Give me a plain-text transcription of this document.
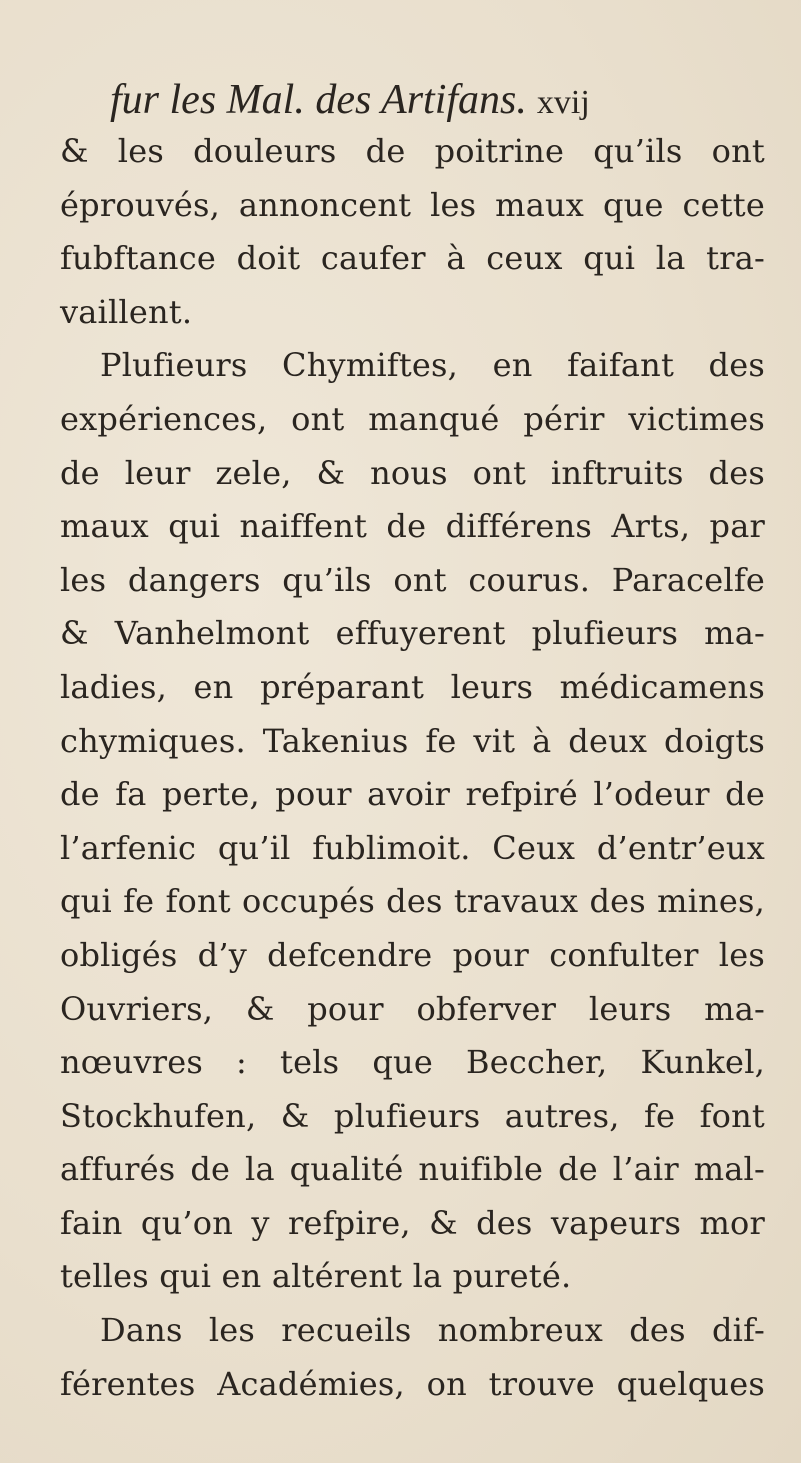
fur les Mal. des Artifans. xvij
& les douleurs de poitrine qu’ils ont
éprouvés, annoncent les maux que cette
fubftance doit caufer à ceux qui la tra-
vaillent.
Plufieurs Chymiftes, en faifant des
expériences, ont manqué périr victimes
de leur zele, & nous ont inftruits des
maux qui naiffent de différens Arts, par
les dangers qu’ils ont courus. Paracelfe
& Vanhelmont effuyerent plufieurs ma-
ladies, en préparant leurs médicamens
chymiques. Takenius fe vit à deux doigts
de fa perte, pour avoir refpiré l’odeur de
l’arfenic qu’il fublimoit. Ceux d’entr’eux
qui fe font occupés des travaux des mines,
obligés d’y defcendre pour confulter les
Ouvriers, & pour obferver leurs ma-
nœuvres : tels que Beccher, Kunkel,
Stockhufen, & plufieurs autres, fe font
affurés de la qualité nuifible de l’air mal-
fain qu’on y refpire, & des vapeurs mor
telles qui en altérent la pureté.
Dans les recueils nombreux des dif-
férentes Académies, on trouve quelques
